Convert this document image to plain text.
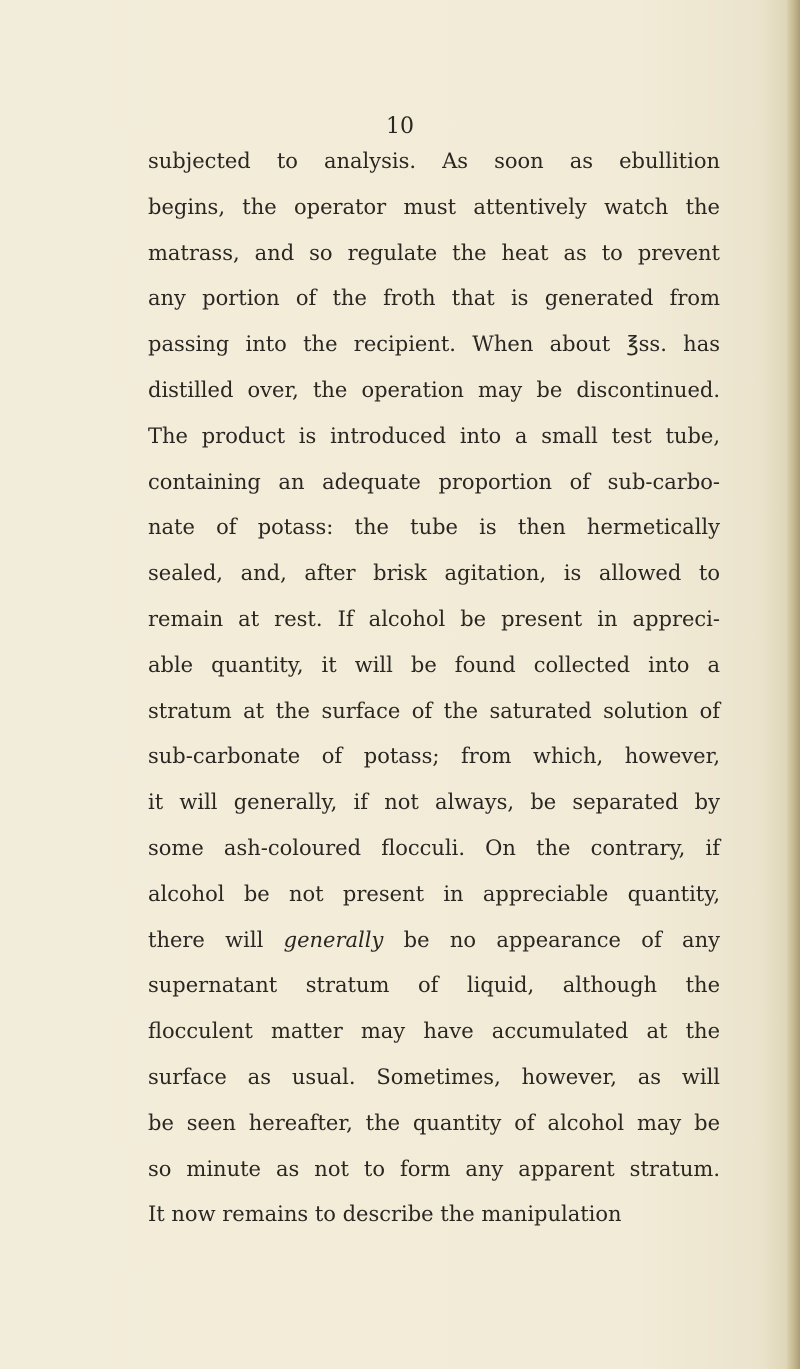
10
subjected to analysis. As soon as ebullition
begins, the operator must attentively watch the
matrass, and so regulate the heat as to prevent
any portion of the froth that is generated from
passing into the recipient. When about ℥ss. has
distilled over, the operation may be discontinued.
The product is introduced into a small test tube,
containing an adequate proportion of sub-carbo-
nate of potass: the tube is then hermetically
sealed, and, after brisk agitation, is allowed to
remain at rest. If alcohol be present in appreci-
able quantity, it will be found collected into a
stratum at the surface of the saturated solution of
sub-carbonate of potass; from which, however,
it will generally, if not always, be separated by
some ash-coloured flocculi. On the contrary, if
alcohol be not present in appreciable quantity,
there will generally be no appearance of any
supernatant stratum of liquid, although the
flocculent matter may have accumulated at the
surface as usual. Sometimes, however, as will
be seen hereafter, the quantity of alcohol may be
so minute as not to form any apparent stratum.
It now remains to describe the manipulation
